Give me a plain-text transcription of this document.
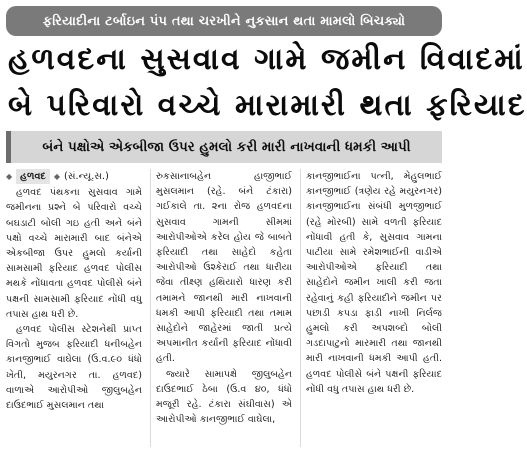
ફરિયાદીના ટર્બાઇન પંપ તથા ચરખીને નુકસાન થતા મામલો બિચક્યો
હળવદના સુસવાવ ગામે જમીન વિવાદમાં
બે પરિવારો વચ્ચે મારામારી થતા ફરિયાદ
બંને પક્ષોએ એકબીજા ઉપર હુમલો કરી મારી નાખવાની ધમકી આપી
◆ હળવદ	◆ (સં.ન્યૂ.સ.)

હળવદ પંથકના સુસવાવ ગામે જમીનના પ્રશ્ને બે પરિવારો વચ્ચે બઘડાટી બોલી ગઇ હતી અને બંને પક્ષો વચ્ચે મારામારી બાદ બંનેએ એકબીજા ઉપર હુમલો કર્યાની સામસામી ફરિયાદ હળવદ પોલીસ મથકે નોંધાવતા હળવદ પોલીસે બંને પક્ષની સામસામી ફરિયાદ નોંધી વધુ તપાસ હાથ ધરી છે.

હળવદ પોલીસ સ્ટેશનેથી પ્રાપ્ત વિગતો મુજબ ફરિયાદી ધનીબહેન કાનજીભાઈ વાઘેલા (ઉ.વ.૯૦ ધંધો ખેતી, મયુરનગર તા. હળવદ) વાળાએ આરોપીઓ જીલુબહેન દાઉદભાઈ મુસલમાન તથા

રુકસાનાબહેન હાજીભાઈ મુસલમાન (રહે. બંને ટંકારા) ગઈકાલે તા. ૨ના રોજ હળવદના સુસવાવ ગામની સીમમાં આરોપીઓએ કરેલ હોય જે બાબતે ફરિયાદી તથા સાહેદો કહેતા આરોપીઓ ઉશ્કેરાઈ તથા ધારીયા જેવા તીક્ષ્ણ હથિયારો ધારણ કરી તમામને જાનથી મારી નાખવાની ધમકી આપી ફરિયાદી તથા તમામ સાહેદોને જાહેરમાં જાતી પ્રત્યે અપમાનીત કર્યાની ફરિયાદ નોંધાવી હતી.

જ્યારે સામાપક્ષે જીલુબહેન દાઉદભાઈ ઠેબા (ઉ.વ ૪૦, ધંધો મજૂરી રહે. ટંકારા સંઘીવાસ) એ આરોપીઓ કાનજીભાઈ વાઘેલા,

કાનજીભાઈના પત્ની, મેહુલભાઈ કાનજીભાઈ (ત્રણેય રહે મયુરનગર) કાનજીભાઈના સંબંધી મુળજીભાઈ (રહે મોરબી) સામે વળતી ફરિયાદ નોંધાવી હતી કે, સુસવાવ ગામના પાટીયા સામે રમેશભાઈની વાડીએ આરોપીઓએ ફરિયાદી તથા સાહેદોને જમીન ખાલી કરી જતા રહેવાનું કહી ફરિયાદીને જમીન પર પછાડી કપડા ફાડી નાખી નિર્લજ હુમલો કરી અપશબ્દો બોલી ગડદાપાટુનો મારમારી તથા જાનથી મારી નાખવાની ધમકી આપી હતી. હળવદ પોલીસે બંને પક્ષની ફરિયાદ નોંધી વધુ તપાસ હાથ ધરી છે.
